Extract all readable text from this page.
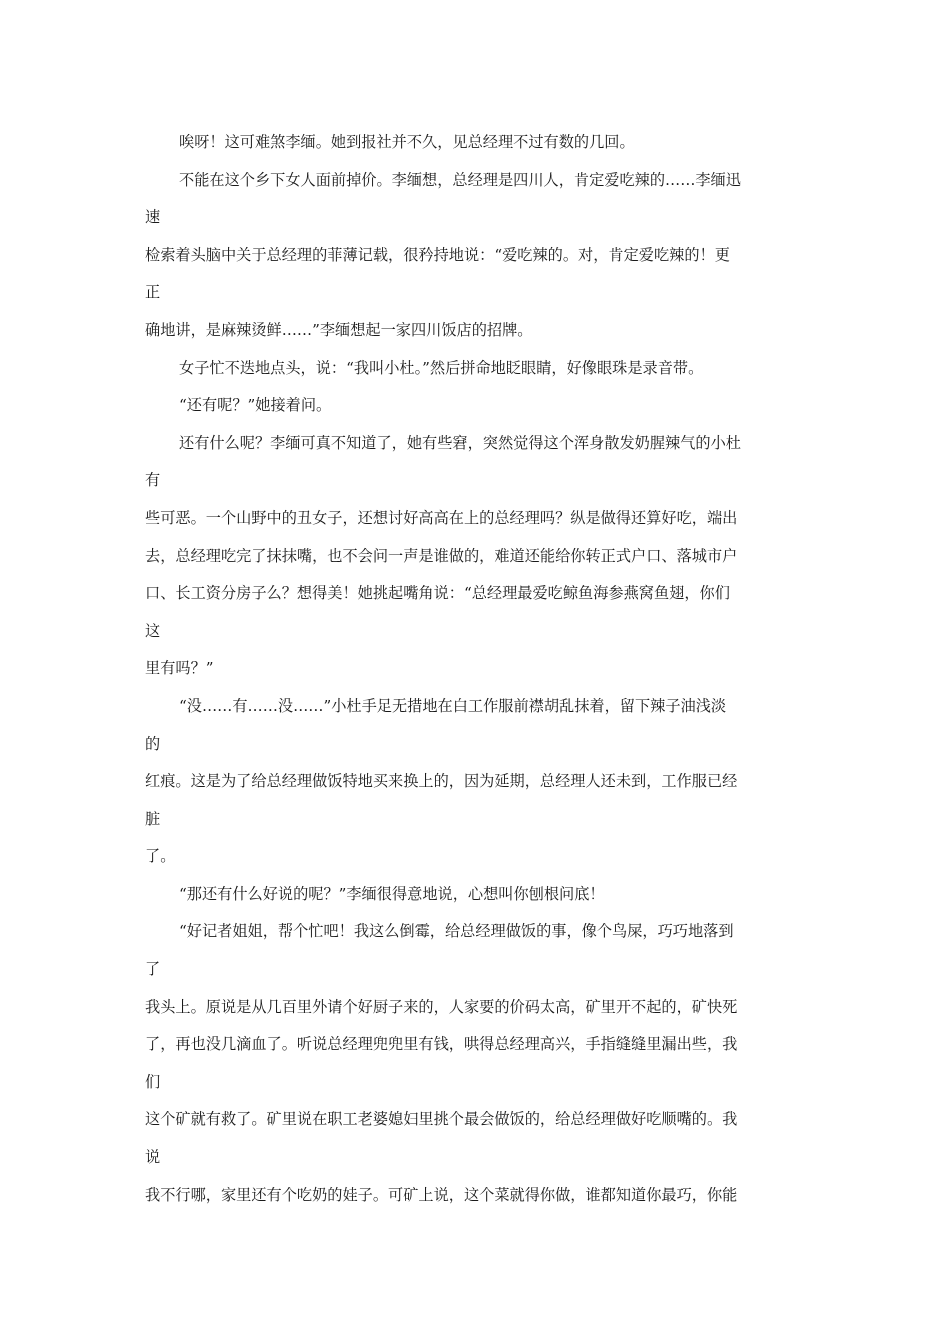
唉呀！这可难煞李缅。她到报社并不久，见总经理不过有数的几回。
不能在这个乡下女人面前掉价。李缅想，总经理是四川人，肯定爱吃辣的……李缅迅
速
检索着头脑中关于总经理的菲薄记载，很矜持地说：“爱吃辣的。对，肯定爱吃辣的！更
正
确地讲，是麻辣烫鲜……”李缅想起一家四川饭店的招牌。
女子忙不迭地点头，说：“我叫小杜。”然后拼命地眨眼睛，好像眼珠是录音带。
“还有呢？”她接着问。
还有什么呢？李缅可真不知道了，她有些窘，突然觉得这个浑身散发奶腥辣气的小杜
有
些可恶。一个山野中的丑女子，还想讨好高高在上的总经理吗？纵是做得还算好吃，端出
去，总经理吃完了抹抹嘴，也不会问一声是谁做的，难道还能给你转正式户口、落城市户
口、长工资分房子么？想得美！她挑起嘴角说：“总经理最爱吃鲸鱼海参燕窝鱼翅，你们
这
里有吗？”
“没……有……没……”小杜手足无措地在白工作服前襟胡乱抹着，留下辣子油浅淡
的
红痕。这是为了给总经理做饭特地买来换上的，因为延期，总经理人还未到，工作服已经
脏
了。
“那还有什么好说的呢？”李缅很得意地说，心想叫你刨根问底！
“好记者姐姐，帮个忙吧！我这么倒霉，给总经理做饭的事，像个鸟屎，巧巧地落到
了
我头上。原说是从几百里外请个好厨子来的，人家要的价码太高，矿里开不起的，矿快死
了，再也没几滴血了。听说总经理兜兜里有钱，哄得总经理高兴，手指缝缝里漏出些，我
们
这个矿就有救了。矿里说在职工老婆媳妇里挑个最会做饭的，给总经理做好吃顺嘴的。我
说
我不行哪，家里还有个吃奶的娃子。可矿上说，这个菜就得你做，谁都知道你最巧，你能
